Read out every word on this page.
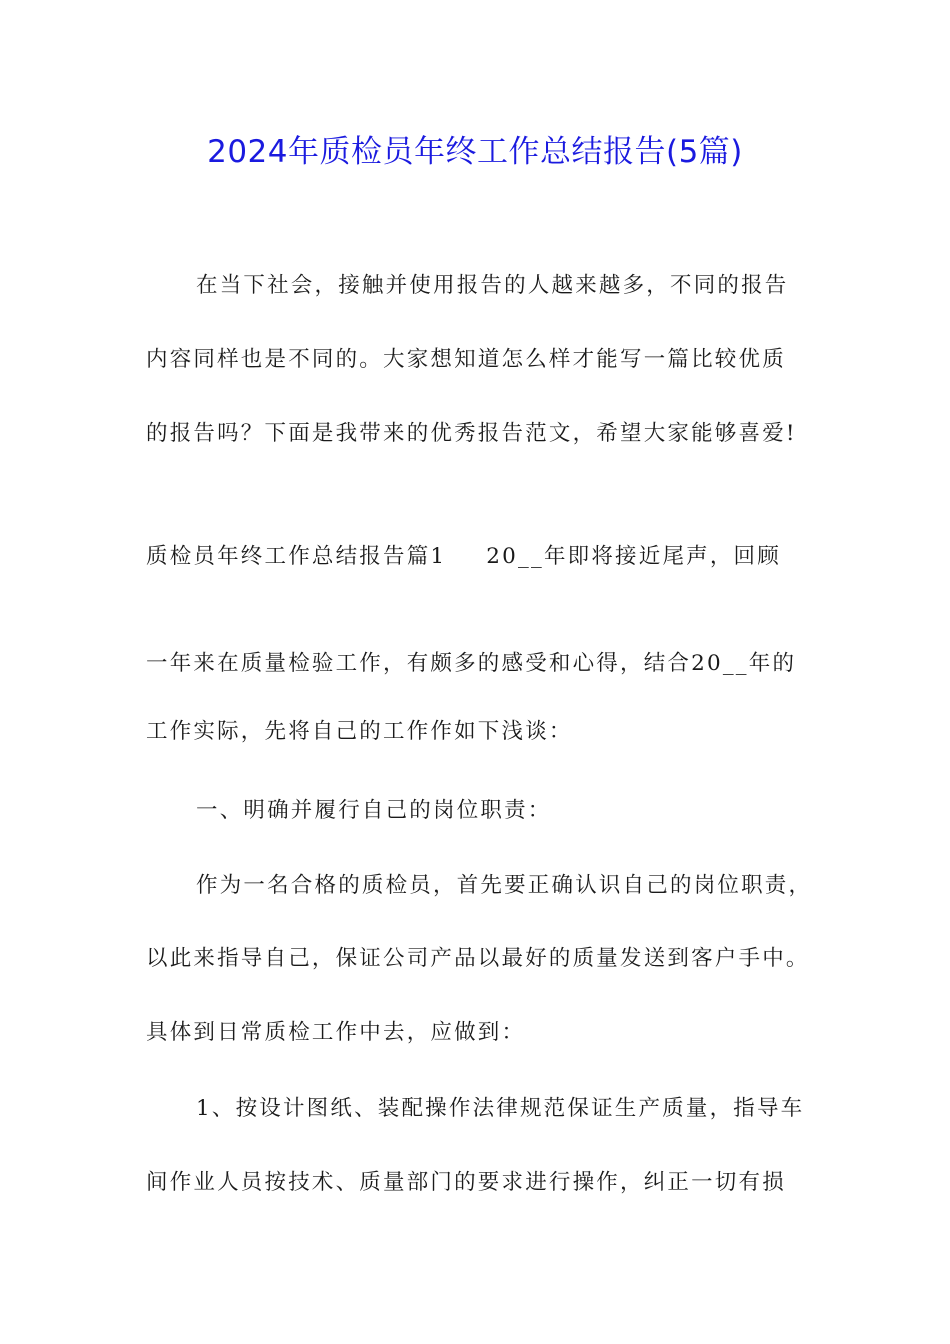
2024年质检员年终工作总结报告(5篇)
在当下社会，接触并使用报告的人越来越多，不同的报告
内容同样也是不同的。大家想知道怎么样才能写一篇比较优质
的报告吗？下面是我带来的优秀报告范文，希望大家能够喜爱!
质检员年终工作总结报告篇1 20__年即将接近尾声，回顾
一年来在质量检验工作，有颇多的感受和心得，结合20__年的
工作实际，先将自己的工作作如下浅谈：
一、明确并履行自己的岗位职责：
作为一名合格的质检员，首先要正确认识自己的岗位职责，
以此来指导自己，保证公司产品以最好的质量发送到客户手中。
具体到日常质检工作中去，应做到：
1、按设计图纸、装配操作法律规范保证生产质量，指导车
间作业人员按技术、质量部门的要求进行操作，纠正一切有损
